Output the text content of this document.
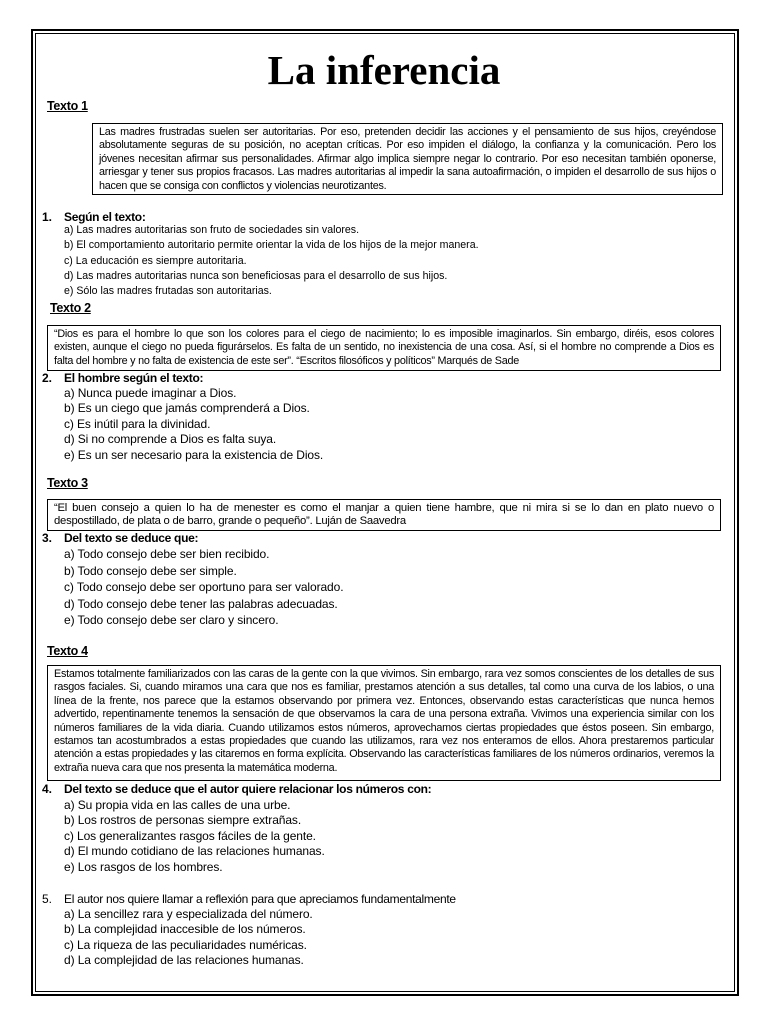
La inferencia
Texto 1
Las madres frustradas suelen ser autoritarias. Por eso, pretenden decidir las acciones y el pensamiento de sus hijos, creyéndose absolutamente seguras de su posición, no aceptan críticas. Por eso impiden el diálogo, la confianza y la comunicación. Pero los jóvenes necesitan afirmar sus personalidades. Afirmar algo implica siempre negar lo contrario. Por eso necesitan también oponerse, arriesgar y tener sus propios fracasos. Las madres autoritarias al impedir la sana autoafirmación, o impiden el desarrollo de sus hijos o hacen que se consiga con conflictos y violencias neurotizantes.
1. Según el texto:
a) Las madres autoritarias son fruto de sociedades sin valores.
b) El comportamiento autoritario permite orientar la vida de los hijos de la mejor manera.
c) La educación es siempre autoritaria.
d) Las madres autoritarias nunca son beneficiosas para el desarrollo de sus hijos.
e) Sólo las madres frutadas son autoritarias.
Texto 2
“Dios es para el hombre lo que son los colores para el ciego de nacimiento; lo es imposible imaginarlos. Sin embargo, diréis, esos colores existen, aunque el ciego no pueda figurárselos. Es falta de un sentido, no inexistencia de una cosa. Así, si el hombre no comprende a Dios es falta del hombre y no falta de existencia de este ser”. “Escritos filosóficos y políticos” Marqués de Sade
2. El hombre según el texto:
a) Nunca puede imaginar a Dios.
b) Es un ciego que jamás comprenderá a Dios.
c) Es inútil para la divinidad.
d) Si no comprende a Dios es falta suya.
e) Es un ser necesario para la existencia de Dios.
Texto 3
“El buen consejo a quien lo ha de menester es como el manjar a quien tiene hambre, que ni mira si se lo dan en plato nuevo o despostillado, de plata o de barro, grande o pequeño”. Luján de Saavedra
3. Del texto se deduce que:
a) Todo consejo debe ser bien recibido.
b) Todo consejo debe ser simple.
c) Todo consejo debe ser oportuno para ser valorado.
d) Todo consejo debe tener las palabras adecuadas.
e) Todo consejo debe ser claro y sincero.
Texto 4
Estamos totalmente familiarizados con las caras de la gente con la que vivimos. Sin embargo, rara vez somos conscientes de los detalles de sus rasgos faciales. Si, cuando miramos una cara que nos es familiar, prestamos atención a sus detalles, tal como una curva de los labios, o una línea de la frente, nos parece que la estamos observando por primera vez. Entonces, observando estas características que nunca hemos advertido, repentinamente tenemos la sensación de que observamos la cara de una persona extraña. Vivimos una experiencia similar con los números familiares de la vida diaria. Cuando utilizamos estos números, aprovechamos ciertas propiedades que éstos poseen. Sin embargo, estamos tan acostumbrados a estas propiedades que cuando las utilizamos, rara vez nos enteramos de ellos. Ahora prestaremos particular atención a estas propiedades y las citaremos en forma explícita. Observando las características familiares de los números ordinarios, veremos la extraña nueva cara que nos presenta la matemática moderna.
4. Del texto se deduce que el autor quiere relacionar los números con:
a) Su propia vida en las calles de una urbe.
b) Los rostros de personas siempre extrañas.
c) Los generalizantes rasgos fáciles de la gente.
d) El mundo cotidiano de las relaciones humanas.
e) Los rasgos de los hombres.
5. El autor nos quiere llamar a reflexión para que apreciamos fundamentalmente
a) La sencillez rara y especializada del número.
b) La complejidad inaccesible de los números.
c) La riqueza de las peculiaridades numéricas.
d) La complejidad de las relaciones humanas.
